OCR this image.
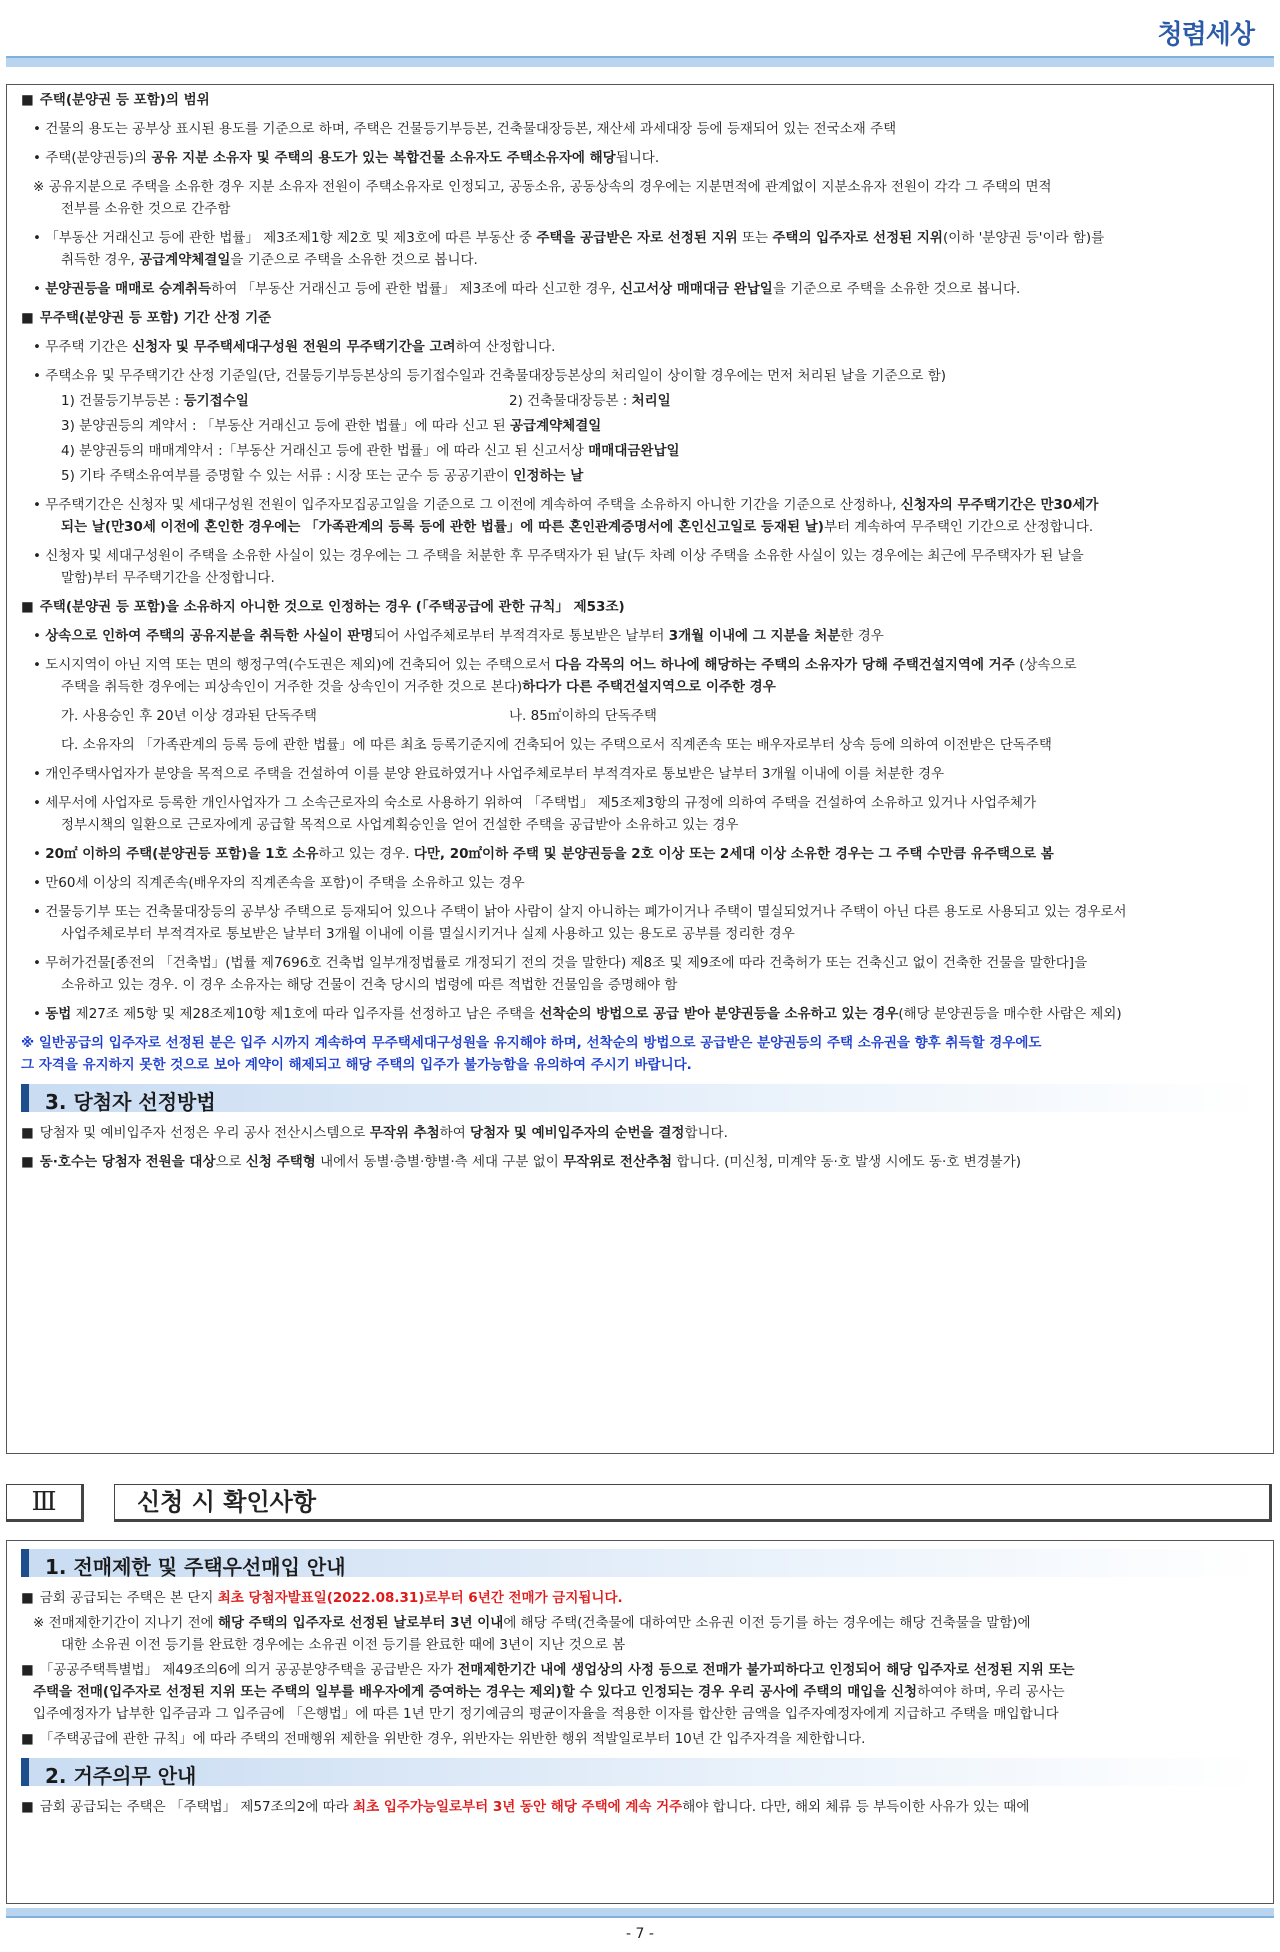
청렴세상
■ 주택(분양권 등 포함)의 범위
• 건물의 용도는 공부상 표시된 용도를 기준으로 하며, 주택은 건물등기부등본, 건축물대장등본, 재산세 과세대장 등에 등재되어 있는 전국소재 주택
• 주택(분양권등)의 공유 지분 소유자 및 주택의 용도가 있는 복합건물 소유자도 주택소유자에 해당됩니다.
※ 공유지분으로 주택을 소유한 경우 지분 소유자 전원이 주택소유자로 인정되고, 공동소유, 공동상속의 경우에는 지분면적에 관계없이 지분소유자 전원이 각각 그 주택의 면적
전부를 소유한 것으로 간주함
• 「부동산 거래신고 등에 관한 법률」 제3조제1항 제2호 및 제3호에 따른 부동산 중 주택을 공급받은 자로 선정된 지위 또는 주택의 입주자로 선정된 지위(이하 '분양권 등'이라 함)를
취득한 경우, 공급계약체결일을 기준으로 주택을 소유한 것으로 봅니다.
• 분양권등을 매매로 승계취득하여 「부동산 거래신고 등에 관한 법률」 제3조에 따라 신고한 경우, 신고서상 매매대금 완납일을 기준으로 주택을 소유한 것으로 봅니다.
■ 무주택(분양권 등 포함) 기간 산정 기준
• 무주택 기간은 신청자 및 무주택세대구성원 전원의 무주택기간을 고려하여 산정합니다.
• 주택소유 및 무주택기간 산정 기준일(단, 건물등기부등본상의 등기접수일과 건축물대장등본상의 처리일이 상이할 경우에는 먼저 처리된 날을 기준으로 함)
1) 건물등기부등본 : 등기접수일	2) 건축물대장등본 : 처리일
3) 분양권등의 계약서 : 「부동산 거래신고 등에 관한 법률」에 따라 신고 된 공급계약체결일
4) 분양권등의 매매계약서 :「부동산 거래신고 등에 관한 법률」에 따라 신고 된 신고서상 매매대금완납일
5) 기타 주택소유여부를 증명할 수 있는 서류 : 시장 또는 군수 등 공공기관이 인정하는 날
• 무주택기간은 신청자 및 세대구성원 전원이 입주자모집공고일을 기준으로 그 이전에 계속하여 주택을 소유하지 아니한 기간을 기준으로 산정하나, 신청자의 무주택기간은 만30세가
되는 날(만30세 이전에 혼인한 경우에는 「가족관계의 등록 등에 관한 법률」에 따른 혼인관계증명서에 혼인신고일로 등재된 날)부터 계속하여 무주택인 기간으로 산정합니다.
• 신청자 및 세대구성원이 주택을 소유한 사실이 있는 경우에는 그 주택을 처분한 후 무주택자가 된 날(두 차례 이상 주택을 소유한 사실이 있는 경우에는 최근에 무주택자가 된 날을
말함)부터 무주택기간을 산정합니다.
■ 주택(분양권 등 포함)을 소유하지 아니한 것으로 인정하는 경우 (「주택공급에 관한 규칙」 제53조)
• 상속으로 인하여 주택의 공유지분을 취득한 사실이 판명되어 사업주체로부터 부적격자로 통보받은 날부터 3개월 이내에 그 지분을 처분한 경우
• 도시지역이 아닌 지역 또는 면의 행정구역(수도권은 제외)에 건축되어 있는 주택으로서 다음 각목의 어느 하나에 해당하는 주택의 소유자가 당해 주택건설지역에 거주 (상속으로
주택을 취득한 경우에는 피상속인이 거주한 것을 상속인이 거주한 것으로 본다)하다가 다른 주택건설지역으로 이주한 경우
가. 사용승인 후 20년 이상 경과된 단독주택	나. 85㎡이하의 단독주택
다. 소유자의 「가족관계의 등록 등에 관한 법률」에 따른 최초 등록기준지에 건축되어 있는 주택으로서 직계존속 또는 배우자로부터 상속 등에 의하여 이전받은 단독주택
• 개인주택사업자가 분양을 목적으로 주택을 건설하여 이를 분양 완료하였거나 사업주체로부터 부적격자로 통보받은 날부터 3개월 이내에 이를 처분한 경우
• 세무서에 사업자로 등록한 개인사업자가 그 소속근로자의 숙소로 사용하기 위하여 「주택법」 제5조제3항의 규정에 의하여 주택을 건설하여 소유하고 있거나 사업주체가
정부시책의 일환으로 근로자에게 공급할 목적으로 사업계획승인을 얻어 건설한 주택을 공급받아 소유하고 있는 경우
• 20㎡ 이하의 주택(분양권등 포함)을 1호 소유하고 있는 경우. 다만, 20㎡이하 주택 및 분양권등을 2호 이상 또는 2세대 이상 소유한 경우는 그 주택 수만큼 유주택으로 봄
• 만60세 이상의 직계존속(배우자의 직계존속을 포함)이 주택을 소유하고 있는 경우
• 건물등기부 또는 건축물대장등의 공부상 주택으로 등재되어 있으나 주택이 낡아 사람이 살지 아니하는 폐가이거나 주택이 멸실되었거나 주택이 아닌 다른 용도로 사용되고 있는 경우로서
사업주체로부터 부적격자로 통보받은 날부터 3개월 이내에 이를 멸실시키거나 실제 사용하고 있는 용도로 공부를 정리한 경우
• 무허가건물[종전의 「건축법」(법률 제7696호 건축법 일부개정법률로 개정되기 전의 것을 말한다) 제8조 및 제9조에 따라 건축허가 또는 건축신고 없이 건축한 건물을 말한다]을
소유하고 있는 경우. 이 경우 소유자는 해당 건물이 건축 당시의 법령에 따른 적법한 건물임을 증명해야 함
• 동법 제27조 제5항 및 제28조제10항 제1호에 따라 입주자를 선정하고 남은 주택을 선착순의 방법으로 공급 받아 분양권등을 소유하고 있는 경우(해당 분양권등을 매수한 사람은 제외)
※ 일반공급의 입주자로 선정된 분은 입주 시까지 계속하여 무주택세대구성원을 유지해야 하며, 선착순의 방법으로 공급받은 분양권등의 주택 소유권을 향후 취득할 경우에도
그 자격을 유지하지 못한 것으로 보아 계약이 해제되고 해당 주택의 입주가 불가능함을 유의하여 주시기 바랍니다.
3. 당첨자 선정방법
■ 당첨자 및 예비입주자 선정은 우리 공사 전산시스템으로 무작위 추첨하여 당첨자 및 예비입주자의 순번을 결정합니다.
■ 동·호수는 당첨자 전원을 대상으로 신청 주택형 내에서 동별·층별·향별·측 세대 구분 없이 무작위로 전산추첨 합니다. (미신청, 미계약 동·호 발생 시에도 동·호 변경불가)
Ⅲ	신청 시 확인사항
1. 전매제한 및 주택우선매입 안내
■ 금회 공급되는 주택은 본 단지 최초 당첨자발표일(2022.08.31)로부터 6년간 전매가 금지됩니다.
※ 전매제한기간이 지나기 전에 해당 주택의 입주자로 선정된 날로부터 3년 이내에 해당 주택(건축물에 대하여만 소유권 이전 등기를 하는 경우에는 해당 건축물을 말함)에
대한 소유권 이전 등기를 완료한 경우에는 소유권 이전 등기를 완료한 때에 3년이 지난 것으로 봄
■ 「공공주택특별법」 제49조의6에 의거 공공분양주택을 공급받은 자가 전매제한기간 내에 생업상의 사정 등으로 전매가 불가피하다고 인정되어 해당 입주자로 선정된 지위 또는
주택을 전매(입주자로 선정된 지위 또는 주택의 일부를 배우자에게 증여하는 경우는 제외)할 수 있다고 인정되는 경우 우리 공사에 주택의 매입을 신청하여야 하며, 우리 공사는
입주예정자가 납부한 입주금과 그 입주금에 「은행법」에 따른 1년 만기 정기예금의 평균이자율을 적용한 이자를 합산한 금액을 입주자예정자에게 지급하고 주택을 매입합니다
■ 「주택공급에 관한 규칙」에 따라 주택의 전매행위 제한을 위반한 경우, 위반자는 위반한 행위 적발일로부터 10년 간 입주자격을 제한합니다.
2. 거주의무 안내
■ 금회 공급되는 주택은 「주택법」 제57조의2에 따라 최초 입주가능일로부터 3년 동안 해당 주택에 계속 거주해야 합니다. 다만, 해외 체류 등 부득이한 사유가 있는 때에
- 7 -
